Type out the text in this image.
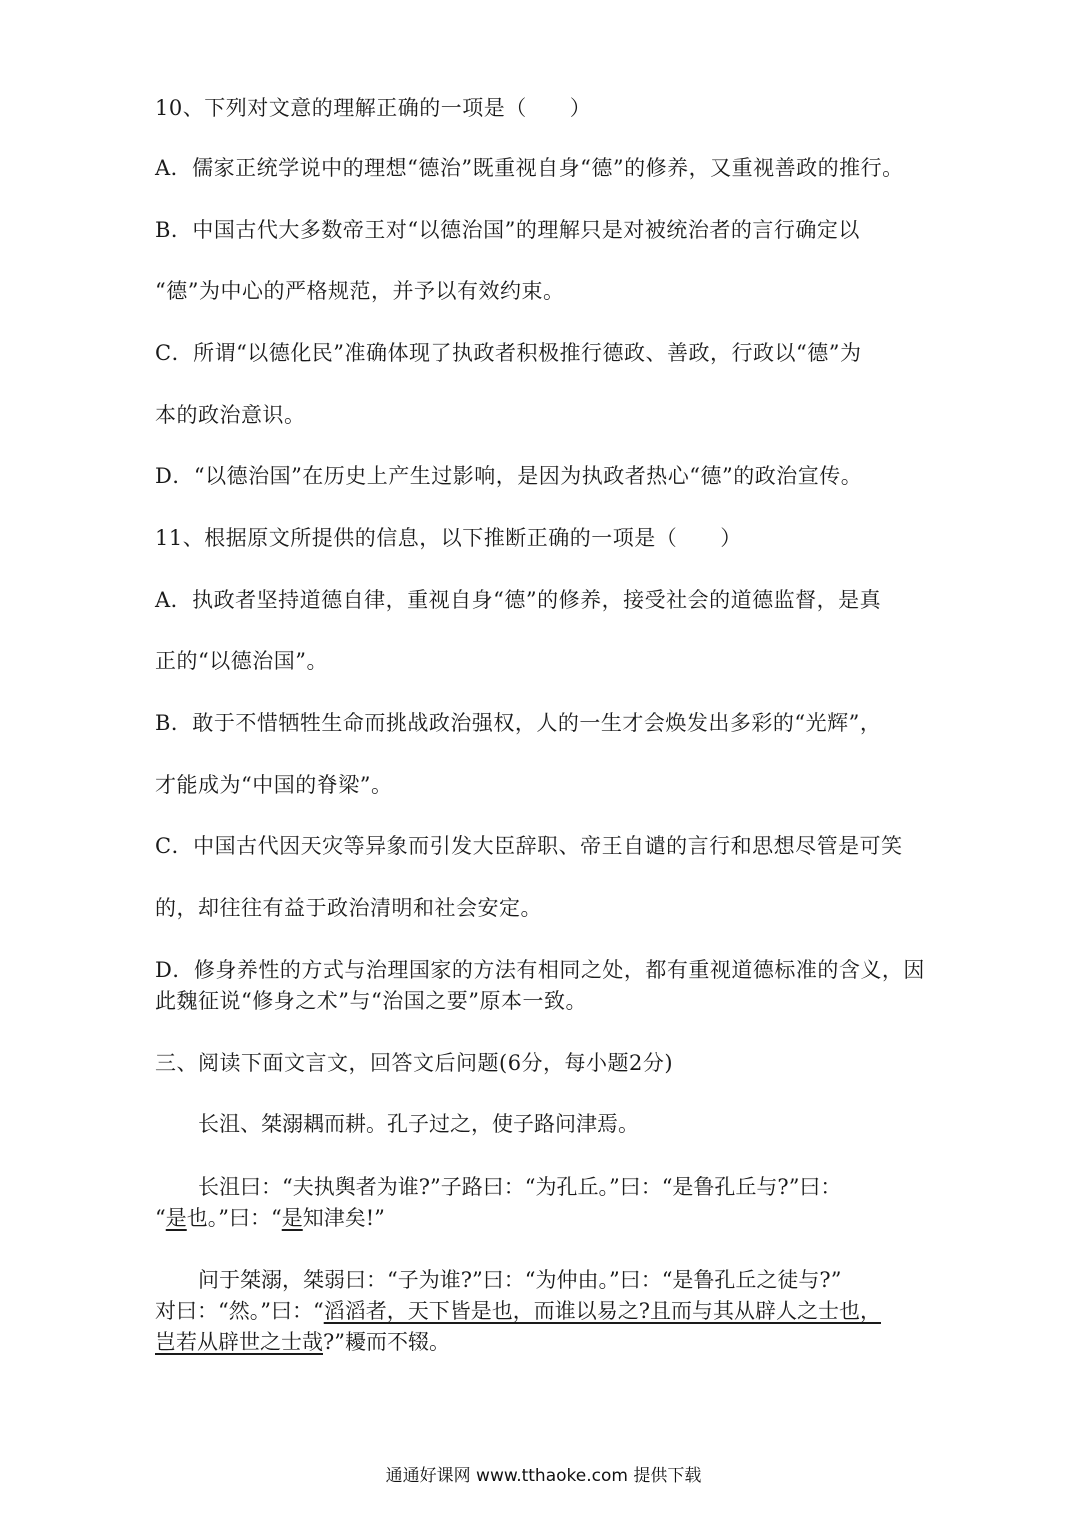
10、下列对文意的理解正确的一项是（　　）
A．儒家正统学说中的理想“德治”既重视自身“德”的修养，又重视善政的推行。
B．中国古代大多数帝王对“以德治国”的理解只是对被统治者的言行确定以
“德”为中心的严格规范，并予以有效约束。
C．所谓“以德化民”准确体现了执政者积极推行德政、善政，行政以“德”为
本的政治意识。
D．“以德治国”在历史上产生过影响，是因为执政者热心“德”的政治宣传。
11、根据原文所提供的信息，以下推断正确的一项是（　　）
A．执政者坚持道德自律，重视自身“德”的修养，接受社会的道德监督，是真
正的“以德治国”。
B．敢于不惜牺牲生命而挑战政治强权，人的一生才会焕发出多彩的“光辉”，
才能成为“中国的脊梁”。
C．中国古代因天灾等异象而引发大臣辞职、帝王自谴的言行和思想尽管是可笑
的，却往往有益于政治清明和社会安定。
D．修身养性的方式与治理国家的方法有相同之处，都有重视道德标准的含义，因
此魏征说“修身之术”与“治国之要”原本一致。
三、阅读下面文言文，回答文后问题(6分，每小题2分)
长沮、桀溺耦而耕。孔子过之，使子路问津焉。
长沮曰：“夫执舆者为谁?”子路曰：“为孔丘。”曰：“是鲁孔丘与?”曰：
“是也。”曰：“是知津矣!”
问于桀溺，桀弱曰：“子为谁?”曰：“为仲由。”曰：“是鲁孔丘之徒与?”
对曰：“然。”曰：“滔滔者，天下皆是也，而谁以易之?且而与其从辟人之士也，
岂若从辟世之士哉?”耰而不辍。
通通好课网 www.tthaoke.com 提供下载
